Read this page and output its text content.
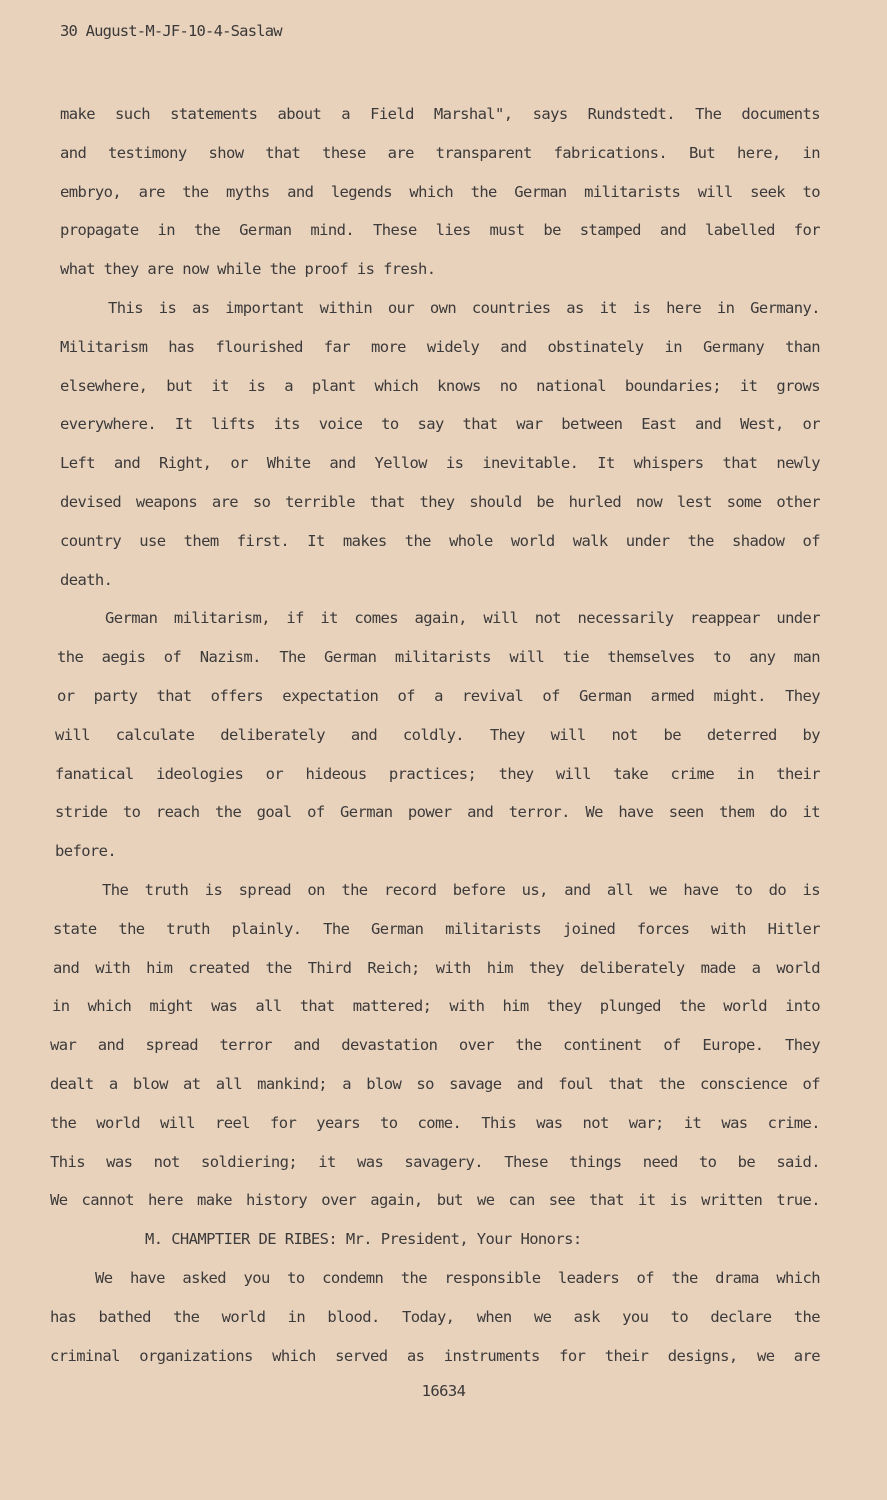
30 August-M-JF-10-4-Saslaw
make such statements about a Field Marshal", says Rundstedt. The documents
and testimony show that these are transparent fabrications. But here, in
embryo, are the myths and legends which the German militarists will seek to
propagate in the German mind. These lies must be stamped and labelled for
what they are now while the proof is fresh.
This is as important within our own countries as it is here in Germany.
Militarism has flourished far more widely and obstinately in Germany than
elsewhere, but it is a plant which knows no national boundaries; it grows
everywhere. It lifts its voice to say that war between East and West, or
Left and Right, or White and Yellow is inevitable. It whispers that newly
devised weapons are so terrible that they should be hurled now lest some other
country use them first. It makes the whole world walk under the shadow of
death.
German militarism, if it comes again, will not necessarily reappear under
the aegis of Nazism. The German militarists will tie themselves to any man
or party that offers expectation of a revival of German armed might. They
will calculate deliberately and coldly. They will not be deterred by
fanatical ideologies or hideous practices; they will take crime in their
stride to reach the goal of German power and terror. We have seen them do it
before.
The truth is spread on the record before us, and all we have to do is
state the truth plainly. The German militarists joined forces with Hitler
and with him created the Third Reich; with him they deliberately made a world
in which might was all that mattered; with him they plunged the world into
war and spread terror and devastation over the continent of Europe. They
dealt a blow at all mankind; a blow so savage and foul that the conscience of
the world will reel for years to come. This was not war; it was crime.
This was not soldiering; it was savagery. These things need to be said.
We cannot here make history over again, but we can see that it is written true.
M. CHAMPTIER DE RIBES: Mr. President, Your Honors:
We have asked you to condemn the responsible leaders of the drama which
has bathed the world in blood. Today, when we ask you to declare the
criminal organizations which served as instruments for their designs, we are
16634
